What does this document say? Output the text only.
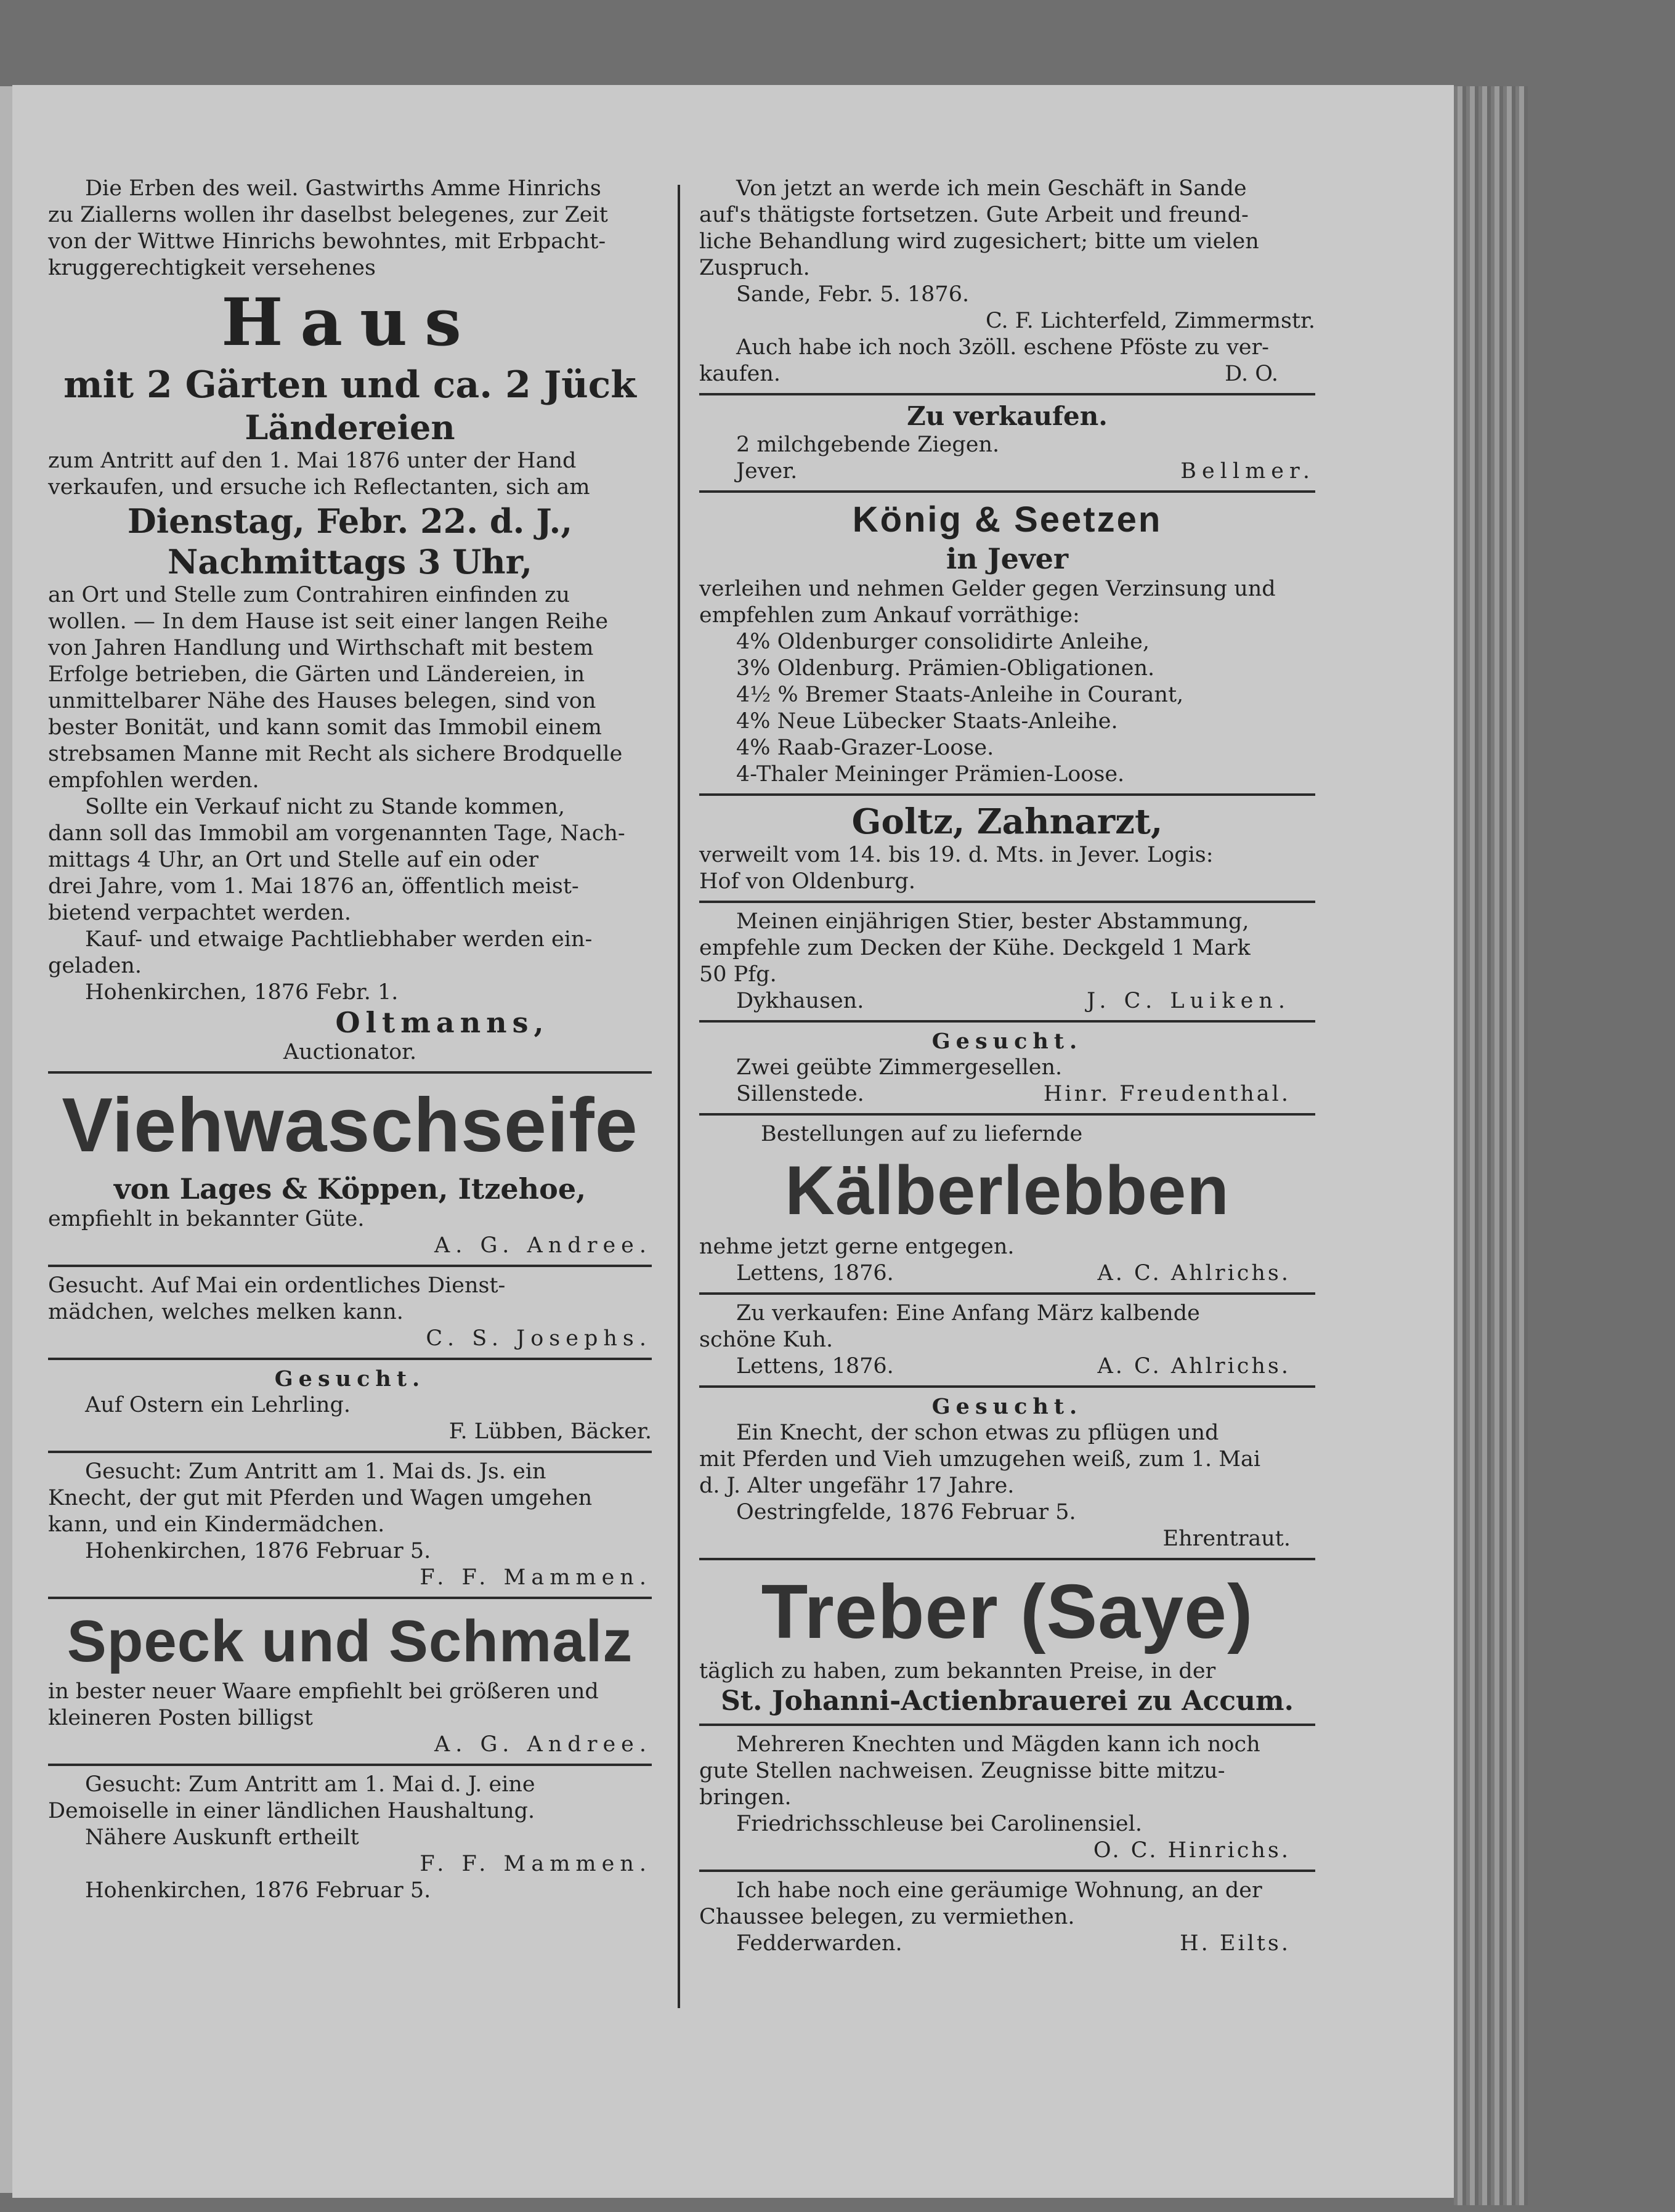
Die Erben des weil. Gastwirths Amme Hinrichs
zu Ziallerns wollen ihr daselbst belegenes, zur Zeit
von der Wittwe Hinrichs bewohntes, mit Erbpacht-
kruggerechtigkeit versehenes
Haus
mit 2 Gärten und ca. 2 Jück
Ländereien
zum Antritt auf den 1. Mai 1876 unter der Hand
verkaufen, und ersuche ich Reflectanten, sich am
Dienstag, Febr. 22. d. J.,
Nachmittags 3 Uhr,
an Ort und Stelle zum Contrahiren einfinden zu
wollen. — In dem Hause ist seit einer langen Reihe
von Jahren Handlung und Wirthschaft mit bestem
Erfolge betrieben, die Gärten und Ländereien, in
unmittelbarer Nähe des Hauses belegen, sind von
bester Bonität, und kann somit das Immobil einem
strebsamen Manne mit Recht als sichere Brodquelle
empfohlen werden.
Sollte ein Verkauf nicht zu Stande kommen,
dann soll das Immobil am vorgenannten Tage, Nach-
mittags 4 Uhr, an Ort und Stelle auf ein oder
drei Jahre, vom 1. Mai 1876 an, öffentlich meist-
bietend verpachtet werden.
Kauf- und etwaige Pachtliebhaber werden ein-
geladen.
Hohenkirchen, 1876 Febr. 1.
Oltmanns,
Auctionator.
Viehwaschseife
von Lages & Köppen, Itzehoe,
empfiehlt in bekannter Güte.
A. G. Andree.
Gesucht. Auf Mai ein ordentliches Dienst-
mädchen, welches melken kann.
C. S. Josephs.
Gesucht.
Auf Ostern ein Lehrling.
F. Lübben, Bäcker.
Gesucht: Zum Antritt am 1. Mai ds. Js. ein
Knecht, der gut mit Pferden und Wagen umgehen
kann, und ein Kindermädchen.
Hohenkirchen, 1876 Februar 5.
F. F. Mammen.
Speck und Schmalz
in bester neuer Waare empfiehlt bei größeren und
kleineren Posten billigst
A. G. Andree.
Gesucht: Zum Antritt am 1. Mai d. J. eine
Demoiselle in einer ländlichen Haushaltung.
Nähere Auskunft ertheilt
F. F. Mammen.
Hohenkirchen, 1876 Februar 5.
Von jetzt an werde ich mein Geschäft in Sande
auf's thätigste fortsetzen. Gute Arbeit und freund-
liche Behandlung wird zugesichert; bitte um vielen
Zuspruch.
Sande, Febr. 5. 1876.
C. F. Lichterfeld, Zimmermstr.
Auch habe ich noch 3zöll. eschene Pföste zu ver-
kaufen.	D. O.
Zu verkaufen.
2 milchgebende Ziegen.
Jever.	Bellmer.
König & Seetzen
in Jever
verleihen und nehmen Gelder gegen Verzinsung und
empfehlen zum Ankauf vorräthige:
4% Oldenburger consolidirte Anleihe,
3% Oldenburg. Prämien-Obligationen.
4½ % Bremer Staats-Anleihe in Courant,
4% Neue Lübecker Staats-Anleihe.
4% Raab-Grazer-Loose.
4-Thaler Meininger Prämien-Loose.
Goltz, Zahnarzt,
verweilt vom 14. bis 19. d. Mts. in Jever. Logis:
Hof von Oldenburg.
Meinen einjährigen Stier, bester Abstammung,
empfehle zum Decken der Kühe. Deckgeld 1 Mark
50 Pfg.
Dykhausen.	J. C. Luiken.
Gesucht.
Zwei geübte Zimmergesellen.
Sillenstede.	Hinr. Freudenthal.
Bestellungen auf zu liefernde
Kälberlebben
nehme jetzt gerne entgegen.
Lettens, 1876.	A. C. Ahlrichs.
Zu verkaufen: Eine Anfang März kalbende
schöne Kuh.
Lettens, 1876.	A. C. Ahlrichs.
Gesucht.
Ein Knecht, der schon etwas zu pflügen und
mit Pferden und Vieh umzugehen weiß, zum 1. Mai
d. J. Alter ungefähr 17 Jahre.
Oestringfelde, 1876 Februar 5.
Ehrentraut.
Treber (Saye)
täglich zu haben, zum bekannten Preise, in der
St. Johanni-Actienbrauerei zu Accum.
Mehreren Knechten und Mägden kann ich noch
gute Stellen nachweisen. Zeugnisse bitte mitzu-
bringen.
Friedrichsschleuse bei Carolinensiel.
O. C. Hinrichs.
Ich habe noch eine geräumige Wohnung, an der
Chaussee belegen, zu vermiethen.
Fedderwarden.	H. Eilts.
